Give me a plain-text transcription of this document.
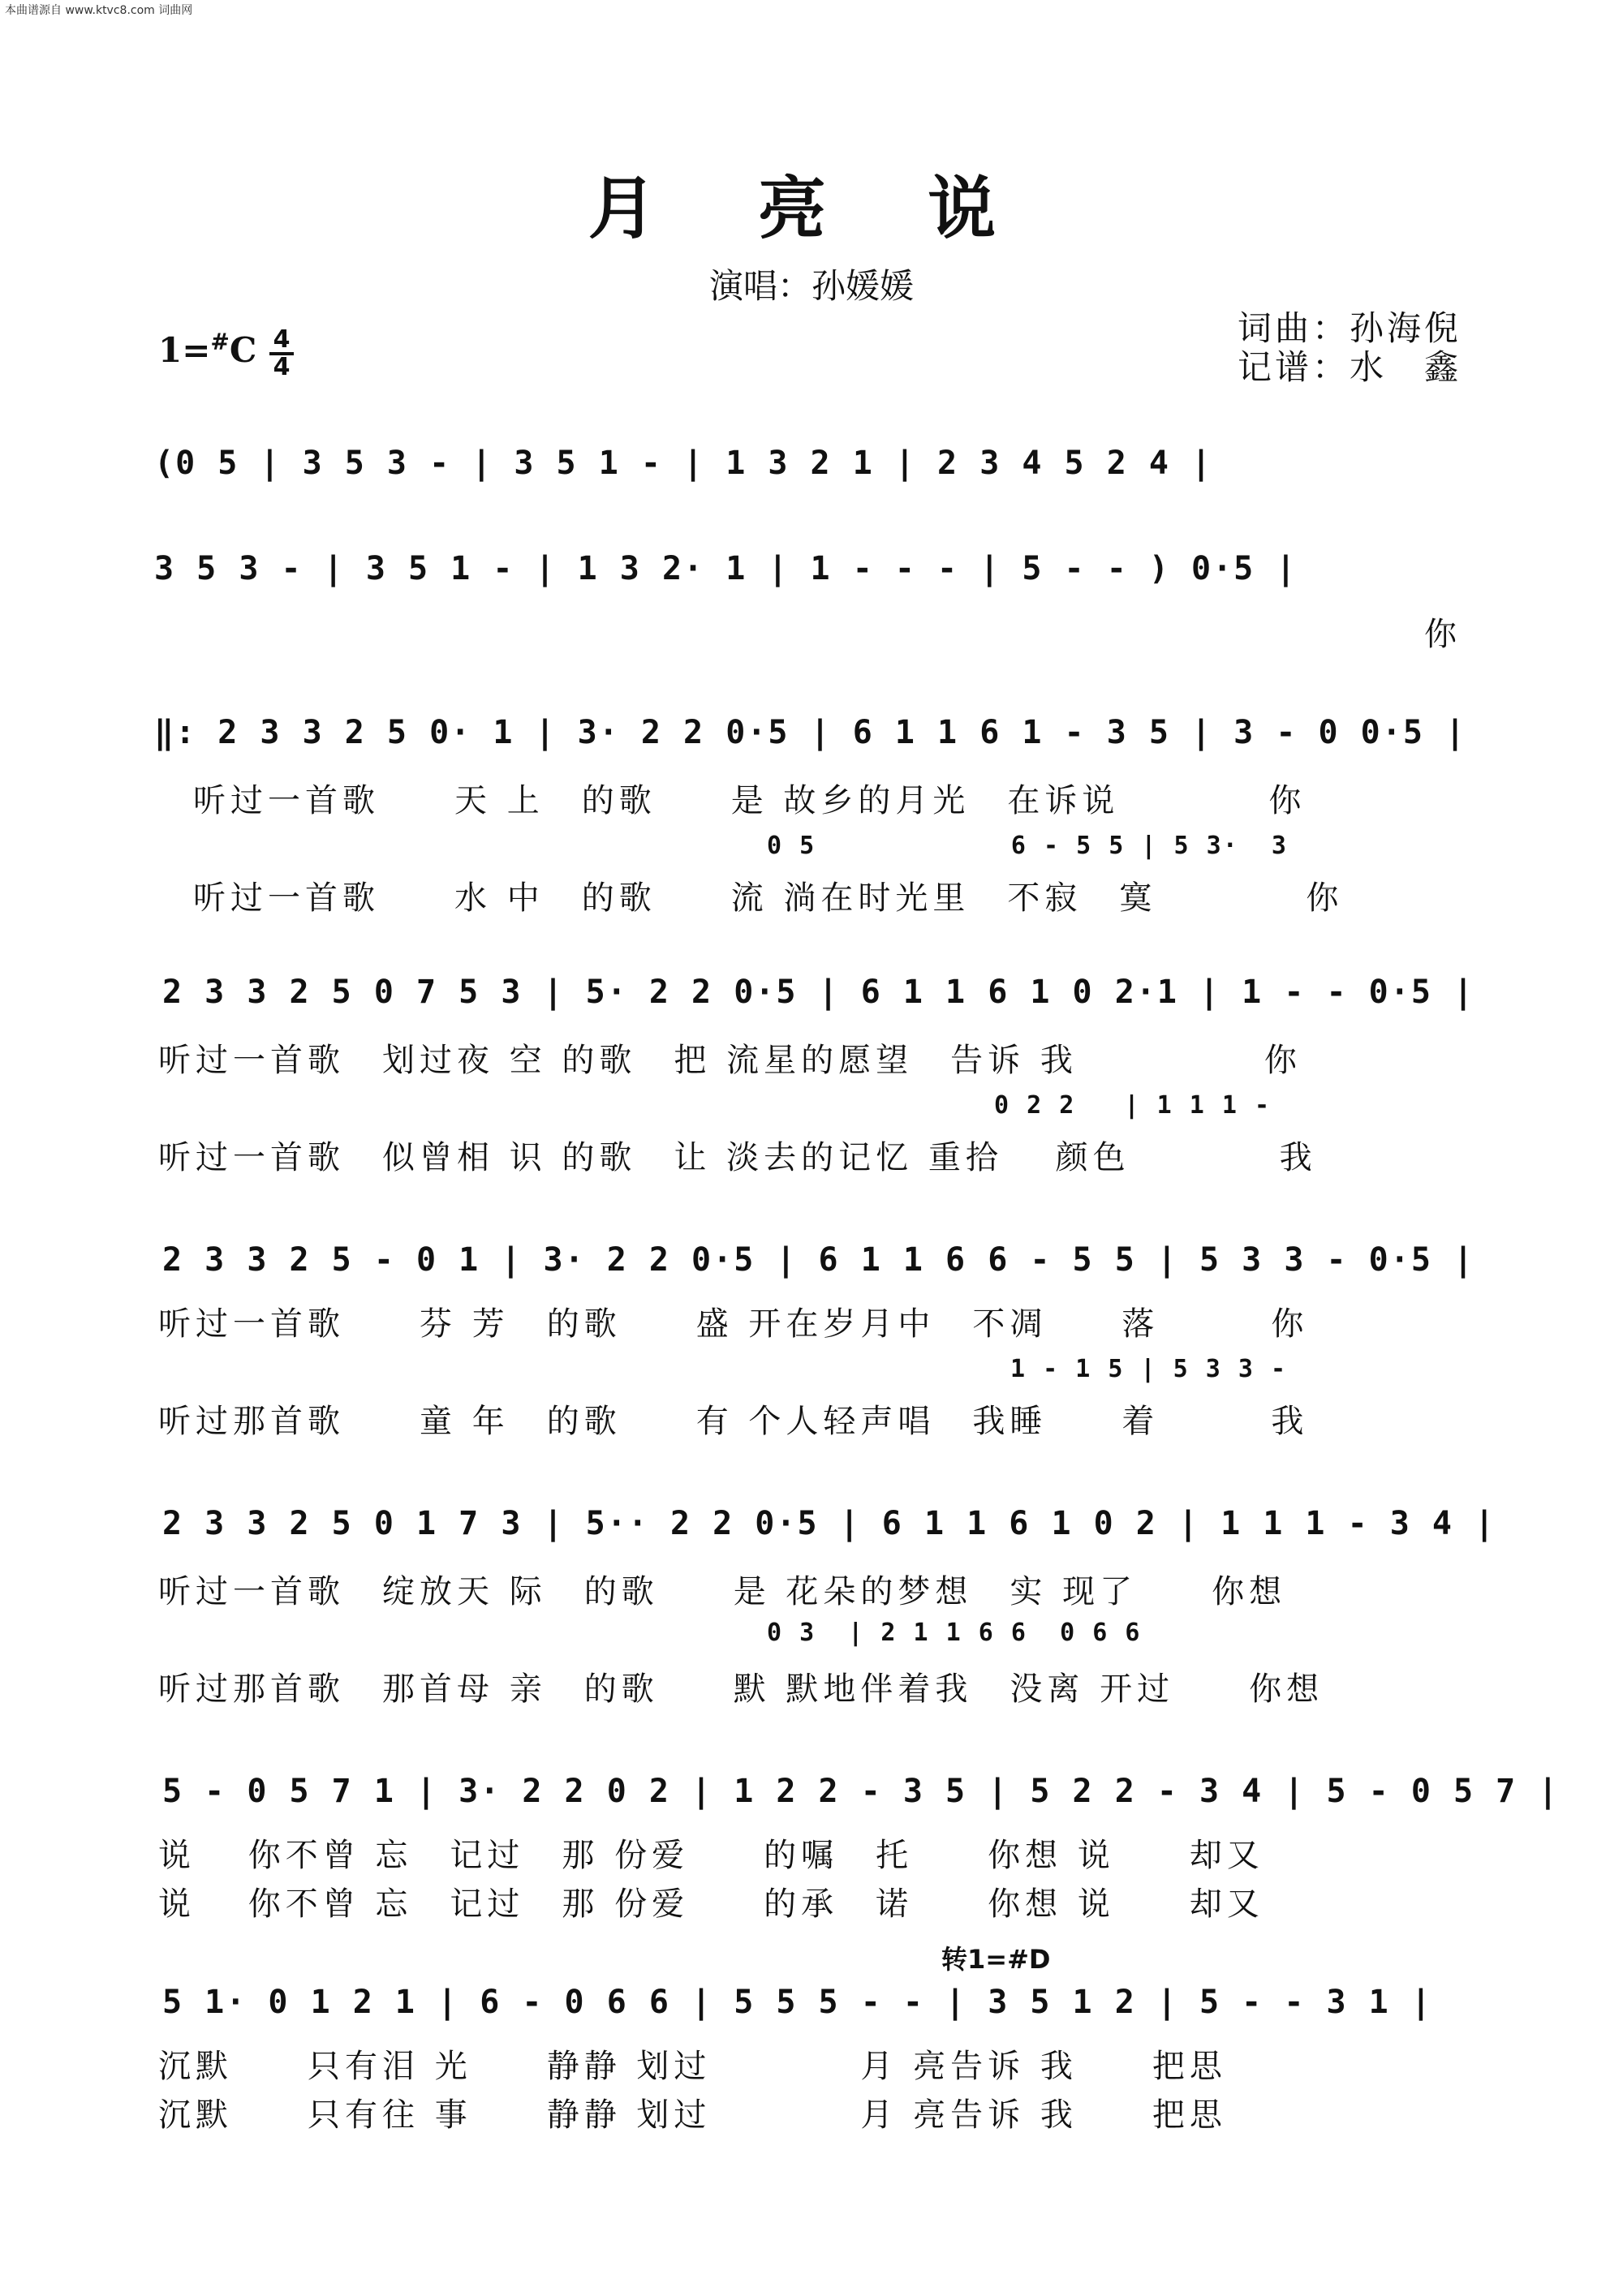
本曲谱源自 www.ktvc8.com 词曲网
月 亮 说
演唱：孙媛媛
词曲：孙海倪
记谱：水　鑫
1=#C 4
4
(0 5 | 3 5 3 - | 3 5 1 - | 1 3 2 1 | 2 3 4 5 2 4 |
3 5 3 - | 3 5 1 - | 1 3 2· 1 | 1 - - - | 5 - - ) 0·5 |
你
‖: 2 3 3 2 5 0· 1 | 3· 2 2 0·5 | 6 1 1 6 1 - 3 5 | 3 - 0 0·5 |
听过一首歌　　天 上　的歌　　是 故乡的月光　在诉说　　　　你
0 5            6 - 5 5 | 5 3·  3
听过一首歌　　水 中　的歌　　流 淌在时光里　不寂　寞　　　　你
2 3 3 2 5 0 7 5 3 | 5· 2 2 0·5 | 6 1 1 6 1 0 2·1 | 1 - - 0·5 |
听过一首歌　划过夜 空 的歌　把 流星的愿望　告诉 我　　　　　你
0 2 2   | 1 1 1 -
听过一首歌　似曾相 识 的歌　让 淡去的记忆 重拾　 颜色　　　　我
2 3 3 2 5 - 0 1 | 3· 2 2 0·5 | 6 1 1 6 6 - 5 5 | 5 3 3 - 0·5 |
听过一首歌　　芬 芳　的歌　　盛 开在岁月中　不凋　　落　　　你
1 - 1 5 | 5 3 3 -
听过那首歌　　童 年　的歌　　有 个人轻声唱　我睡　　着　　　我
2 3 3 2 5 0 1 7 3 | 5·· 2 2 0·5 | 6 1 1 6 1 0 2 | 1 1 1 - 3 4 |
听过一首歌　绽放天 际　的歌　　是 花朵的梦想　实 现了　　你想
0 3  | 2 1 1 6 6  0 6 6
听过那首歌　那首母 亲　的歌　　默 默地伴着我　没离 开过　　你想
5 - 0 5 7 1 | 3· 2 2 0 2 | 1 2 2 - 3 5 | 5 2 2 - 3 4 | 5 - 0 5 7 |
说　 你不曾 忘　记过　那 份爱　　的嘱　托　　你想 说　　却又
说　 你不曾 忘　记过　那 份爱　　的承　诺　　你想 说　　却又
转1=#D
5 1· 0 1 2 1 | 6 - 0 6 6 | 5 5 5 - - | 3 5 1 2 | 5 - - 3 1 |
沉默　　只有泪 光　　静静 划过　　　　月 亮告诉 我　　把思
沉默　　只有往 事　　静静 划过　　　　月 亮告诉 我　　把思
